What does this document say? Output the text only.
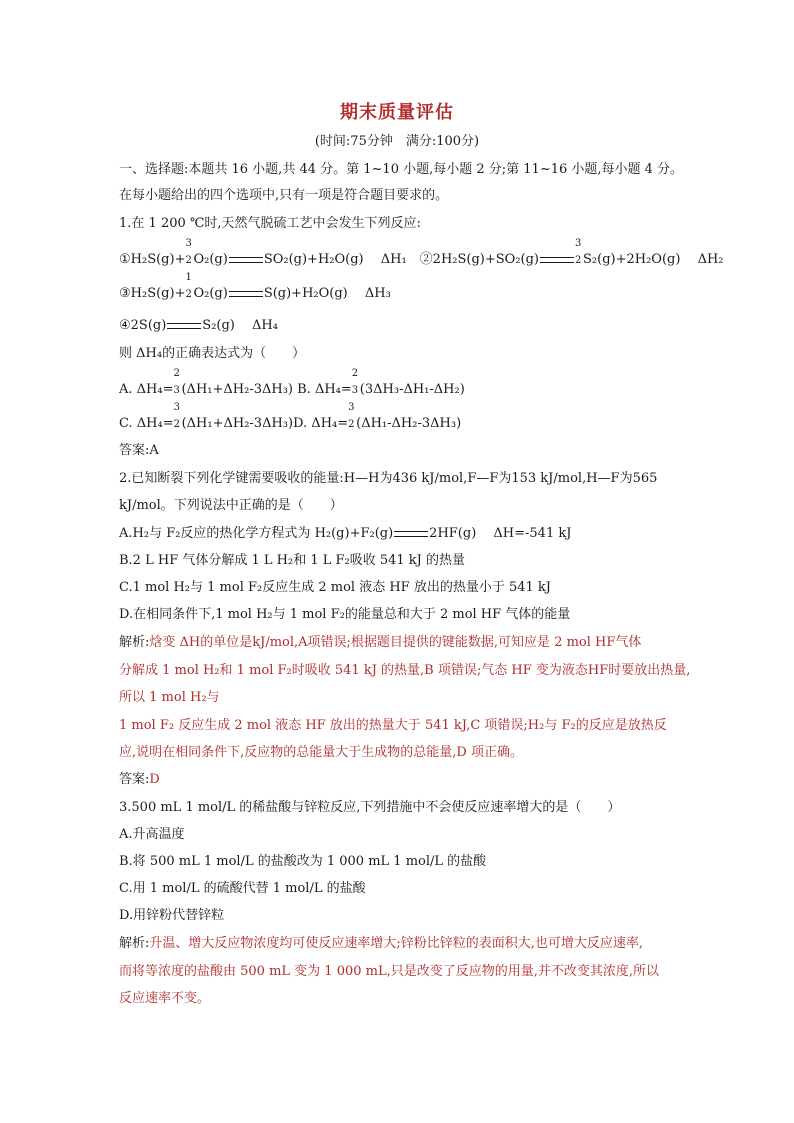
期末质量评估
(时间:75分钟　满分:100分)
一、选择题:本题共 16 小题,共 44 分。第 1~10 小题,每小题 2 分;第 11~16 小题,每小题 4 分。
在每小题给出的四个选项中,只有一项是符合题目要求的。
1.在 1 200 ℃时,天然气脱硫工艺中会发生下列反应:
①H₂S(g)+
3
2 O₂(g)	SO₂(g)+H₂O(g)　 ΔH₁　②2H₂S(g)+SO₂(g)
3
2 S₂(g)+2H₂O(g)　 ΔH₂
③H₂S(g)+
1
2 O₂(g)	S(g)+H₂O(g)　 ΔH₃
④2S(g)	S₂(g)　 ΔH₄
则 ΔH₄的正确表达式为（　　）
A. ΔH₄=
2
3 (ΔH₁+ΔH₂-3ΔH₃) B. ΔH₄=
2
3 (3ΔH₃-ΔH₁-ΔH₂)
C. ΔH₄=
3
2 (ΔH₁+ΔH₂-3ΔH₃)D. ΔH₄=
3
2 (ΔH₁-ΔH₂-3ΔH₃)
答案:A
2.已知断裂下列化学键需要吸收的能量:H—H为436 kJ/mol,F—F为153 kJ/mol,H—F为565
kJ/mol。下列说法中正确的是（　　）
A.H₂与 F₂反应的热化学方程式为 H₂(g)+F₂(g)	2HF(g)　 ΔH=-541 kJ
B.2 L HF 气体分解成 1 L H₂和 1 L F₂吸收 541 kJ 的热量
C.1 mol H₂与 1 mol F₂反应生成 2 mol 液态 HF 放出的热量小于 541 kJ
D.在相同条件下,1 mol H₂与 1 mol F₂的能量总和大于 2 mol HF 气体的能量
解析:焓变 ΔH的单位是kJ/mol,A项错误;根据题目提供的键能数据,可知应是 2 mol HF气体
分解成 1 mol H₂和 1 mol F₂时吸收 541 kJ 的热量,B 项错误;气态 HF 变为液态HF时要放出热量,
所以 1 mol H₂与
1 mol F₂ 反应生成 2 mol 液态 HF 放出的热量大于 541 kJ,C 项错误;H₂与 F₂的反应是放热反
应,说明在相同条件下,反应物的总能量大于生成物的总能量,D 项正确。
答案:D
3.500 mL 1 mol/L 的稀盐酸与锌粒反应,下列措施中不会使反应速率增大的是（　　）
A.升高温度
B.将 500 mL 1 mol/L 的盐酸改为 1 000 mL 1 mol/L 的盐酸
C.用 1 mol/L 的硫酸代替 1 mol/L 的盐酸
D.用锌粉代替锌粒
解析:升温、增大反应物浓度均可使反应速率增大;锌粉比锌粒的表面积大,也可增大反应速率,
而将等浓度的盐酸由 500 mL 变为 1 000 mL,只是改变了反应物的用量,并不改变其浓度,所以
反应速率不变。
